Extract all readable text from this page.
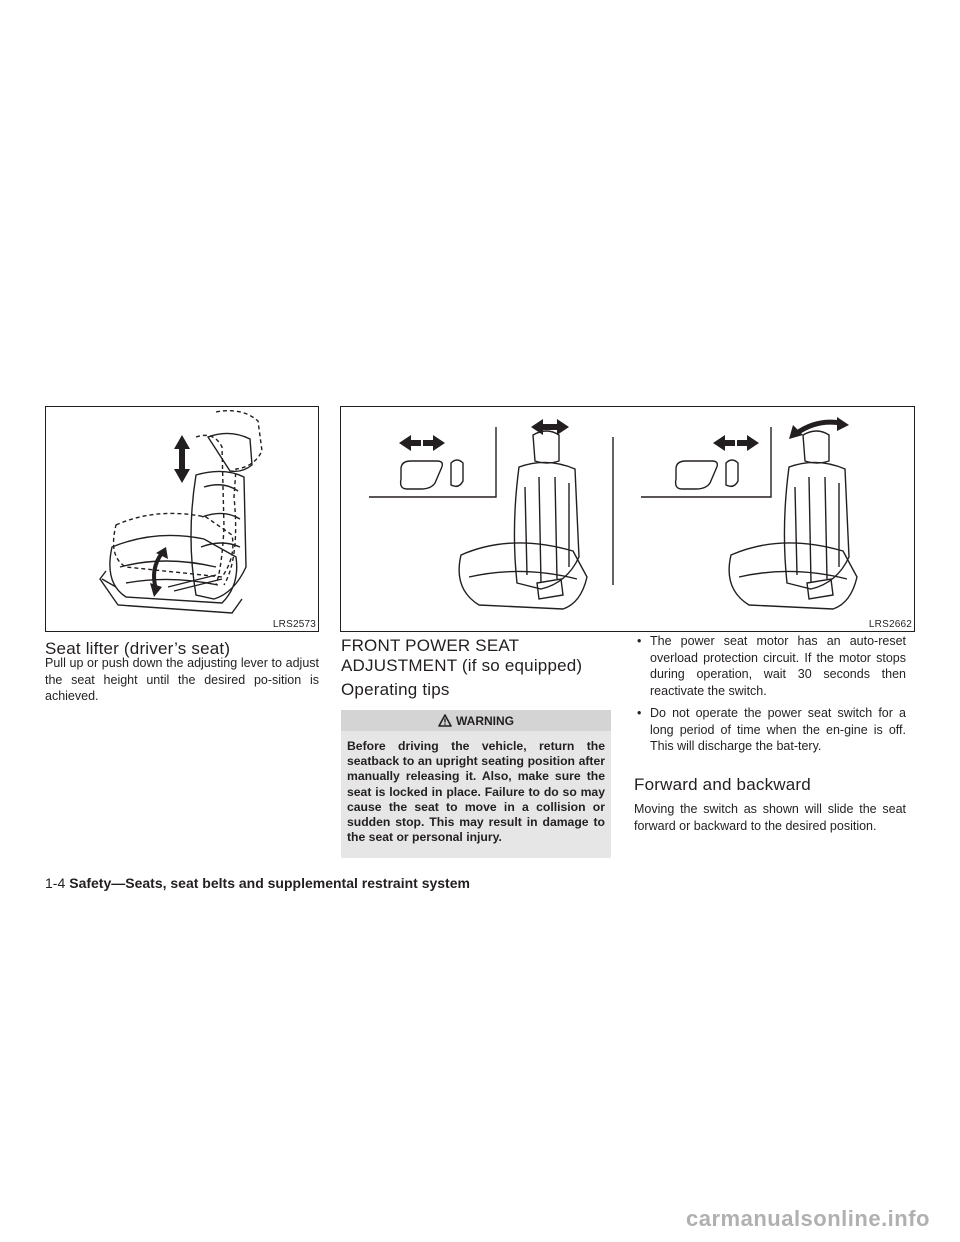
LRS2573	LRS2662
Seat lifter (driver’s seat)

Pull up or push down the adjusting lever to adjust the seat height until the desired po-sition is achieved.

FRONT POWER SEAT ADJUSTMENT (if so equipped)
Operating tips
WARNING
Before driving the vehicle, return the seatback to an upright seating position after manually releasing it. Also, make sure the seat is locked in place. Failure to do so may cause the seat to move in a collision or sudden stop. This may result in damage to the seat or personal injury.
• The power seat motor has an auto-reset overload protection circuit. If the motor stops during operation, wait 30 seconds then reactivate the switch.
• Do not operate the power seat switch for a long period of time when the en-gine is off. This will discharge the bat-tery.
Forward and backward

Moving the switch as shown will slide the seat forward or backward to the desired position.

1-4 Safety—Seats, seat belts and supplemental restraint system
carmanualsonline.info
